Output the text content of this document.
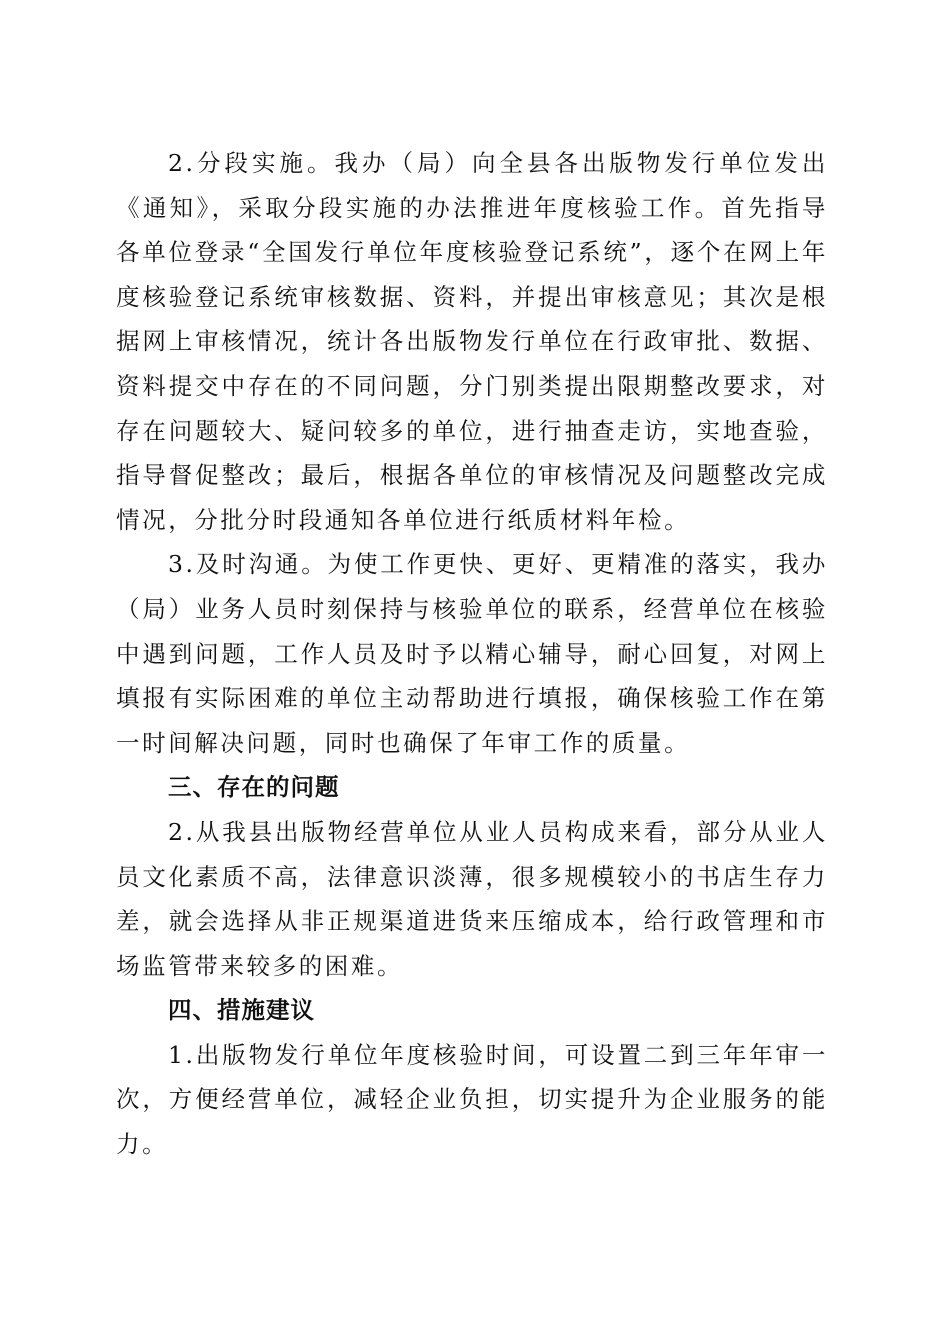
2.分段实施。我办（局）向全县各出版物发行单位发出《通知》，采取分段实施的办法推进年度核验工作。首先指导各单位登录“全国发行单位年度核验登记系统”，逐个在网上年度核验登记系统审核数据、资料，并提出审核意见；其次是根据网上审核情况，统计各出版物发行单位在行政审批、数据、资料提交中存在的不同问题，分门别类提出限期整改要求，对存在问题较大、疑问较多的单位，进行抽查走访，实地查验，指导督促整改；最后，根据各单位的审核情况及问题整改完成情况，分批分时段通知各单位进行纸质材料年检。

3.及时沟通。为使工作更快、更好、更精准的落实，我办（局）业务人员时刻保持与核验单位的联系，经营单位在核验中遇到问题，工作人员及时予以精心辅导，耐心回复，对网上填报有实际困难的单位主动帮助进行填报，确保核验工作在第一时间解决问题，同时也确保了年审工作的质量。

三、存在的问题

2.从我县出版物经营单位从业人员构成来看，部分从业人员文化素质不高，法律意识淡薄，很多规模较小的书店生存力差，就会选择从非正规渠道进货来压缩成本，给行政管理和市场监管带来较多的困难。

四、措施建议

1.出版物发行单位年度核验时间，可设置二到三年年审一次，方便经营单位，减轻企业负担，切实提升为企业服务的能力。
